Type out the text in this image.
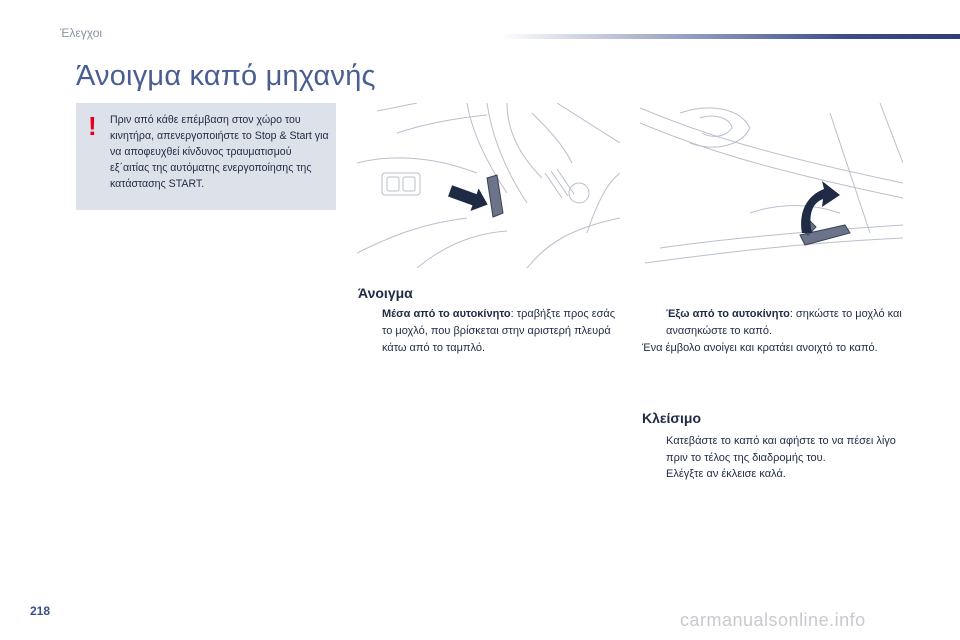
Έλεγχοι
Άνοιγμα καπό μηχανής
! Πριν από κάθε επέμβαση στον χώρο του κινητήρα, απενεργοποιήστε το Stop & Start για να αποφευχθεί κίνδυνος τραυματισμού εξ΄αιτίας της αυτόματης ενεργοποίησης της κατάστασης START.
Άνοιγμα
Μέσα από το αυτοκίνητο: τραβήξτε προς εσάς το μοχλό, που βρίσκεται στην αριστερή πλευρά κάτω από το ταμπλό.
Έξω από το αυτοκίνητο: σηκώστε το μοχλό και ανασηκώστε το καπό.
Ένα έμβολο ανοίγει και κρατάει ανοιχτό το καπό.
Κλείσιμο
Κατεβάστε το καπό και αφήστε το να πέσει λίγο πριν το τέλος της διαδρομής του.
Ελέγξτε αν έκλεισε καλά.
218	carmanualsonline.info
